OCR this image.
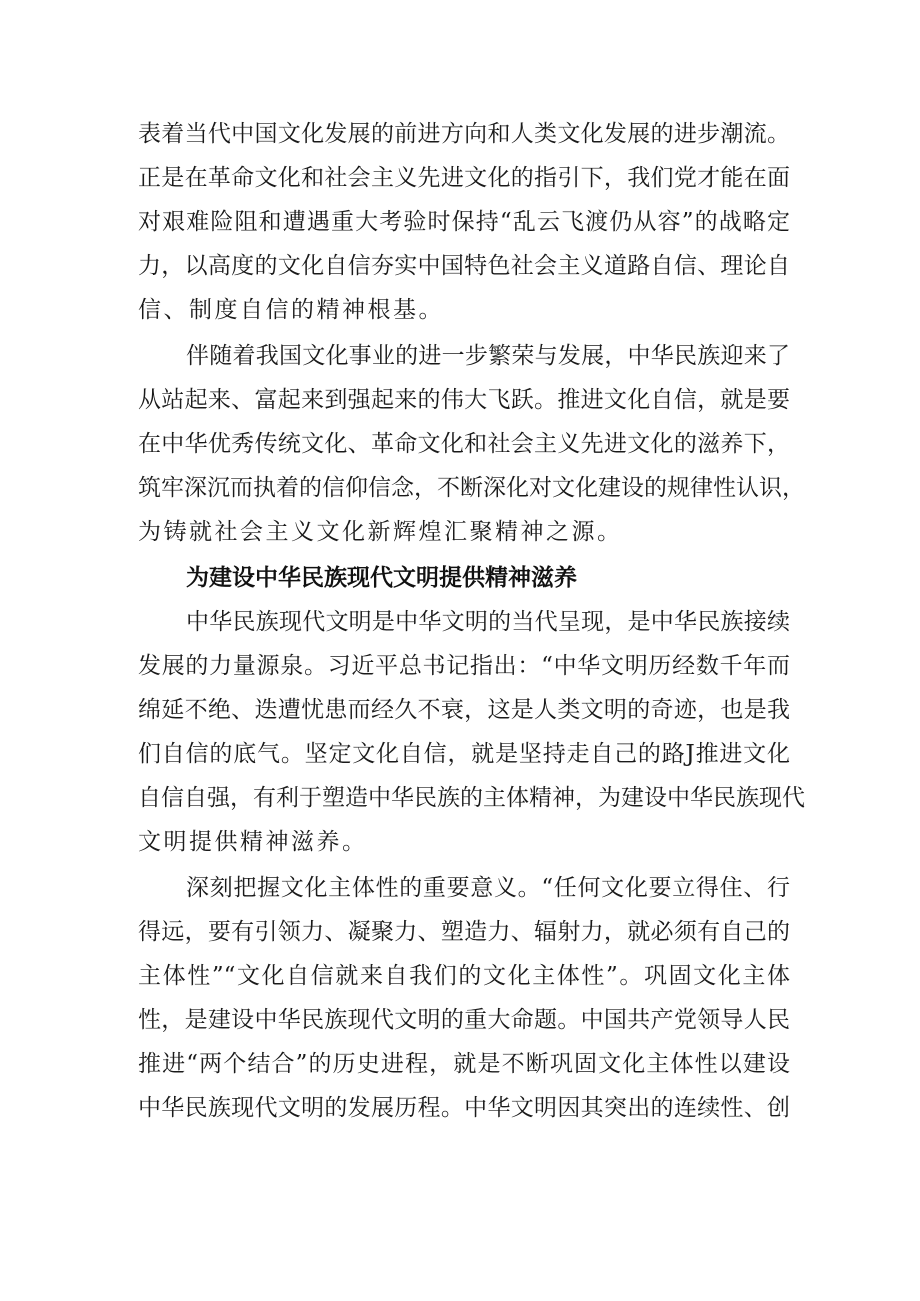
表着当代中国文化发展的前进方向和人类文化发展的进步潮流。
正是在革命文化和社会主义先进文化的指引下，我们党才能在面
对艰难险阻和遭遇重大考验时保持“乱云飞渡仍从容”的战略定
力，以高度的文化自信夯实中国特色社会主义道路自信、理论自
信、制度自信的精神根基。
伴随着我国文化事业的进一步繁荣与发展，中华民族迎来了
从站起来、富起来到强起来的伟大飞跃。推进文化自信，就是要
在中华优秀传统文化、革命文化和社会主义先进文化的滋养下，
筑牢深沉而执着的信仰信念，不断深化对文化建设的规律性认识，
为铸就社会主义文化新辉煌汇聚精神之源。
为建设中华民族现代文明提供精神滋养
中华民族现代文明是中华文明的当代呈现，是中华民族接续
发展的力量源泉。习近平总书记指出：“中华文明历经数千年而
绵延不绝、迭遭忧患而经久不衰，这是人类文明的奇迹，也是我
们自信的底气。坚定文化自信，就是坚持走自己的路J推进文化
自信自强，有利于塑造中华民族的主体精神，为建设中华民族现代
文明提供精神滋养。
深刻把握文化主体性的重要意义。“任何文化要立得住、行
得远，要有引领力、凝聚力、塑造力、辐射力，就必须有自己的
主体性”“文化自信就来自我们的文化主体性”。巩固文化主体
性，是建设中华民族现代文明的重大命题。中国共产党领导人民
推进“两个结合”的历史进程，就是不断巩固文化主体性以建设
中华民族现代文明的发展历程。中华文明因其突出的连续性、创
